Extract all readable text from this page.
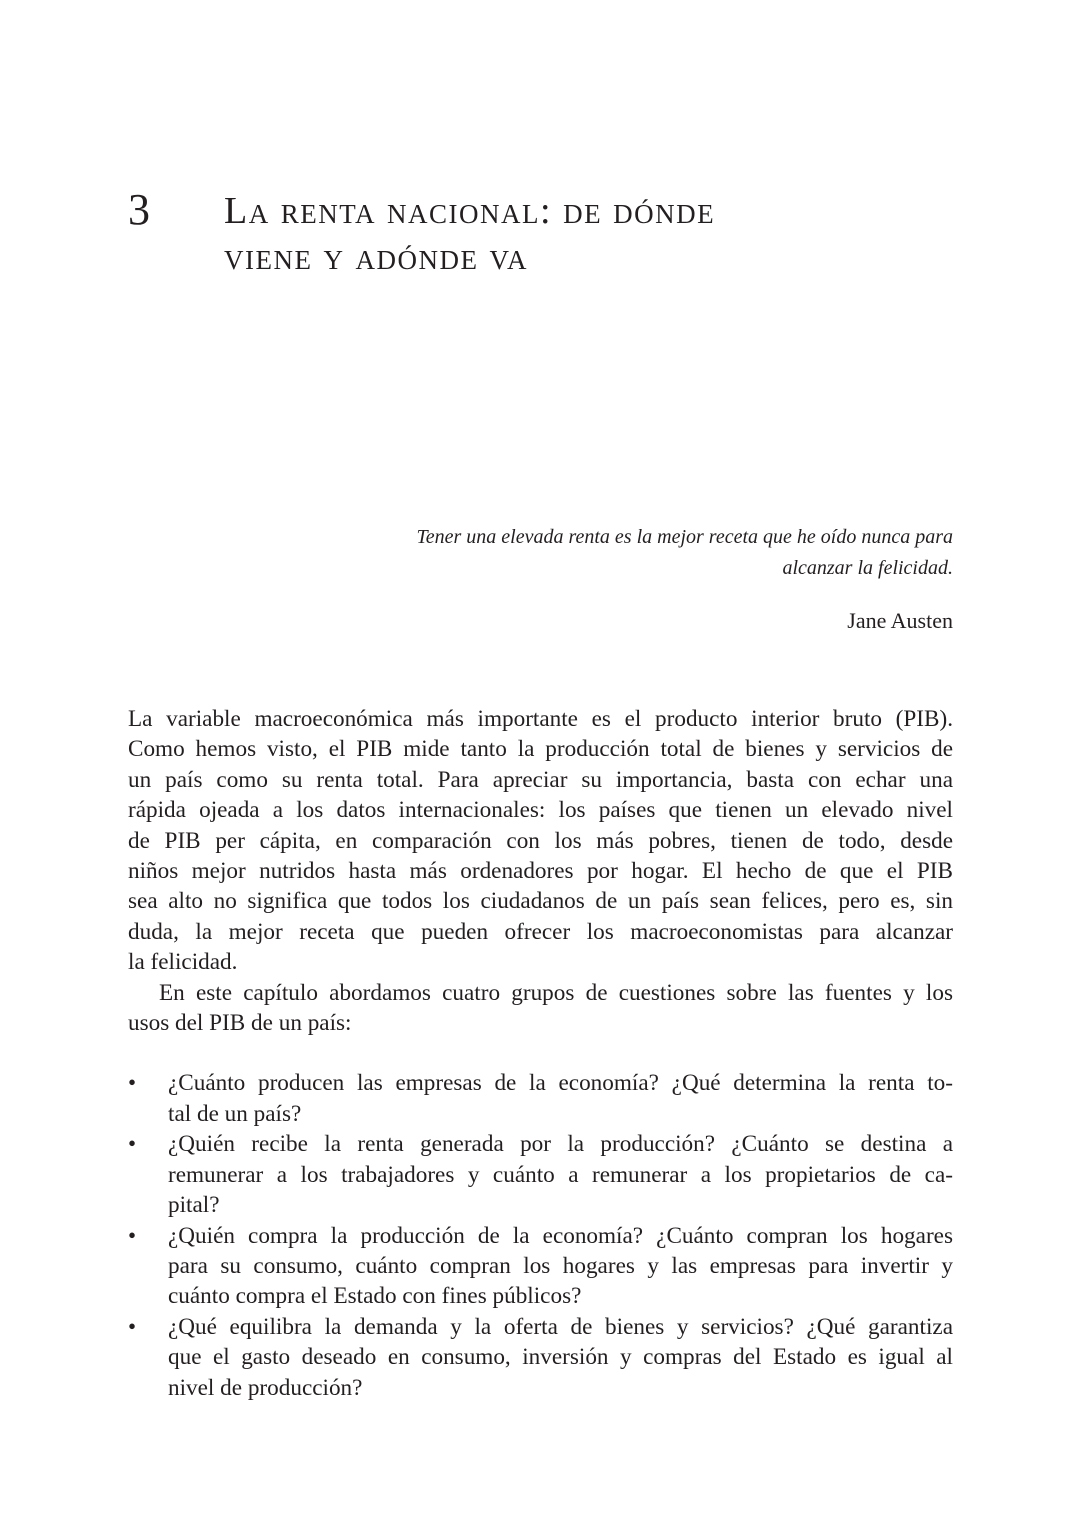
3 La renta nacional: de dónde
viene y adónde va

Tener una elevada renta es la mejor receta que he oído nunca para
alcanzar la felicidad.

Jane Austen

La variable macroeconómica más importante es el producto interior bruto (PIB).
Como hemos visto, el PIB mide tanto la producción total de bienes y servicios de
un país como su renta total. Para apreciar su importancia, basta con echar una
rápida ojeada a los datos internacionales: los países que tienen un elevado nivel
de PIB per cápita, en comparación con los más pobres, tienen de todo, desde
niños mejor nutridos hasta más ordenadores por hogar. El hecho de que el PIB
sea alto no significa que todos los ciudadanos de un país sean felices, pero es, sin
duda, la mejor receta que pueden ofrecer los macroeconomistas para alcanzar
la felicidad.

En este capítulo abordamos cuatro grupos de cuestiones sobre las fuentes y los
usos del PIB de un país:

• ¿Cuánto producen las empresas de la economía? ¿Qué determina la renta to-
tal de un país?
• ¿Quién recibe la renta generada por la producción? ¿Cuánto se destina a
remunerar a los trabajadores y cuánto a remunerar a los propietarios de ca-
pital?
• ¿Quién compra la producción de la economía? ¿Cuánto compran los hogares
para su consumo, cuánto compran los hogares y las empresas para invertir y
cuánto compra el Estado con fines públicos?
• ¿Qué equilibra la demanda y la oferta de bienes y servicios? ¿Qué garantiza
que el gasto deseado en consumo, inversión y compras del Estado es igual al
nivel de producción?
